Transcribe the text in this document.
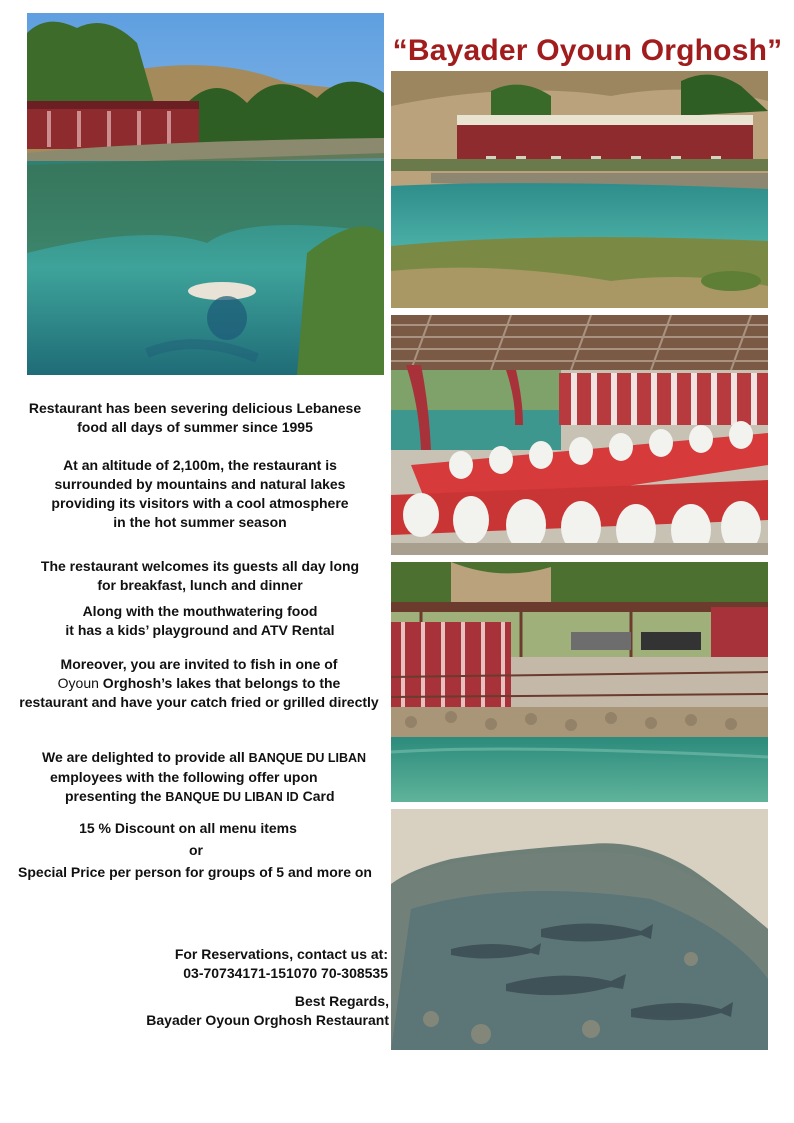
“Bayader Oyoun Orghosh”
Restaurant has been severing delicious Lebanese
food all days of summer since 1995
At an altitude of 2,100m, the restaurant is
surrounded by mountains and natural lakes
providing its visitors with a cool atmosphere
in the hot summer season
The restaurant welcomes its guests all day long
for breakfast, lunch and dinner
Along with the mouthwatering food
it has a kids’ playground and ATV Rental
Moreover, you are invited to fish in one of
Oyoun Orghosh’s lakes that belongs to the
restaurant and have your catch fried or grilled directly
We are delighted to provide all BANQUE DU LIBAN
employees with the following offer upon
presenting the BANQUE DU LIBAN ID Card
15 % Discount on all menu items
or
Special Price per person for groups of 5 and more on
For Reservations, contact us at:
03-70734171-151070 70-308535
Best Regards,
Bayader Oyoun Orghosh Restaurant
